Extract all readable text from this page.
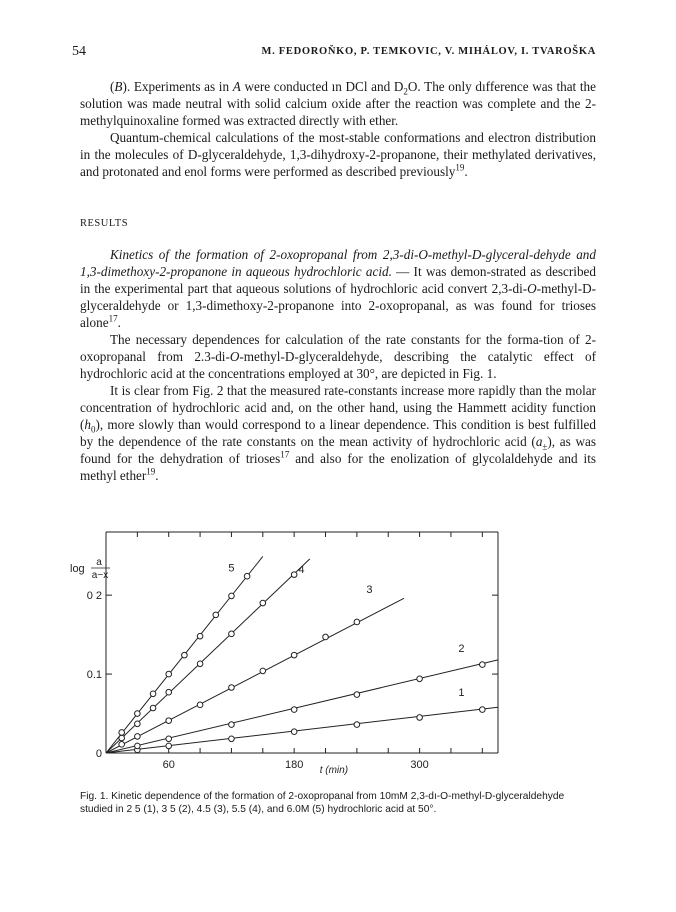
54	M. FEDOROŇKO, P. TEMKOVIC, V. MIHÁLOV, I. TVAROŠKA

(B). Experiments as in A were conducted ın DCl and $D_2O$. The only dıfference was that the solution was made neutral with solid calcium oxide after the reaction was complete and the 2-methylquinoxaline formed was extracted directly with ether.

Quantum-chemical calculations of the most-stable conformations and electron distribution in the molecules of D-glyceraldehyde, 1,3-dihydroxy-2-propanone, their methylated derivatives, and protonated and enol forms were performed as described previously$^{19}$.

RESULTS

Kinetics of the formation of 2-oxopropanal from 2,3-di-O-methyl-D-glyceral-dehyde and 1,3-dimethoxy-2-propanone in aqueous hydrochloric acid. — It was demon-strated as described in the experimental part that aqueous solutions of hydrochloric acid convert 2,3-di-O-methyl-D-glyceraldehyde or 1,3-dimethoxy-2-propanone into 2-oxopropanal, as was found for trioses alone$^{17}$.

The necessary dependences for calculation of the rate constants for the forma-tion of 2-oxopropanal from 2.3-di-O-methyl-D-glyceraldehyde, describing the catalytic effect of hydrochloric acid at the concentrations employed at 30°, are depicted in Fig. 1.

It is clear from Fig. 2 that the measured rate-constants increase more rapidly than the molar concentration of hydrochloric acid and, on the other hand, using the Hammett acidity function $(h_0)$, more slowly than would correspond to a linear dependence. This condition is best fulfilled by the dependence of the rate constants on the mean activity of hydrochloric acid $(a_\pm)$, as was found for the dehydration of trioses$^{17}$ and also for the enolization of glycolaldehyde and its methyl ether$^{19}$.

60	180	300
0
0.1
0 2
log
a
a−x
t (min)
1
2
3
4
5
Fig. 1. Kinetic dependence of the formation of 2-oxopropanal from 10mM 2,3-dı-O-methyl-D-glyceraldehyde studied in 2 5 (1), 3 5 (2), 4.5 (3), 5.5 (4), and 6.0M (5) hydrochloric acid at 50°.
